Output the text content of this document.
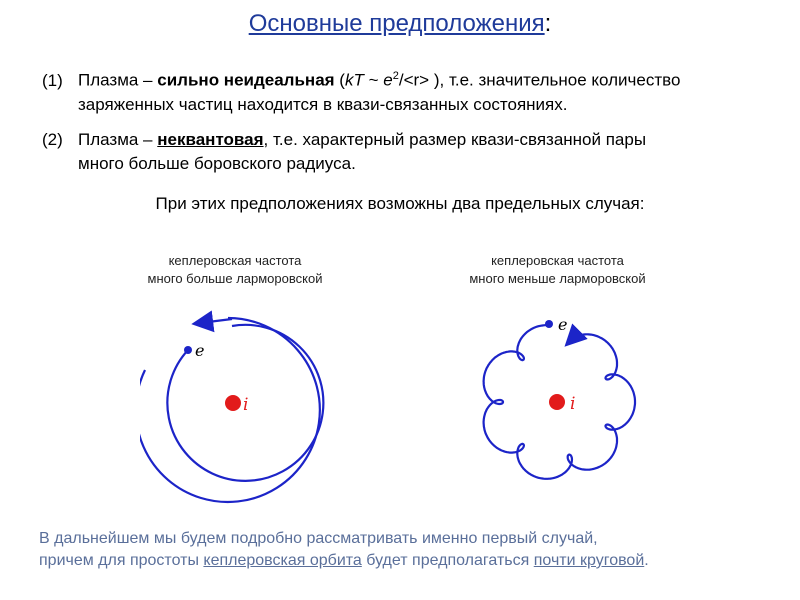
Основные предположения:
(1) Плазма – сильно неидеальная (kT ~ $e^2/<r>$ ), т.е. значительное количество
заряженных частиц находится в квази-связанных состояниях.
(2) Плазма – неквантовая, т.е. характерный размер квази-связанной пары
много больше боровского радиуса.
При этих предположениях возможны два предельных случая:
кеплеровская частота
много больше ларморовской
кеплеровская частота
много меньше ларморовской
e
i
e
i
В дальнейшем мы будем подробно рассматривать именно первый случай,
причем для простоты кеплеровская орбита будет предполагаться почти круговой.
